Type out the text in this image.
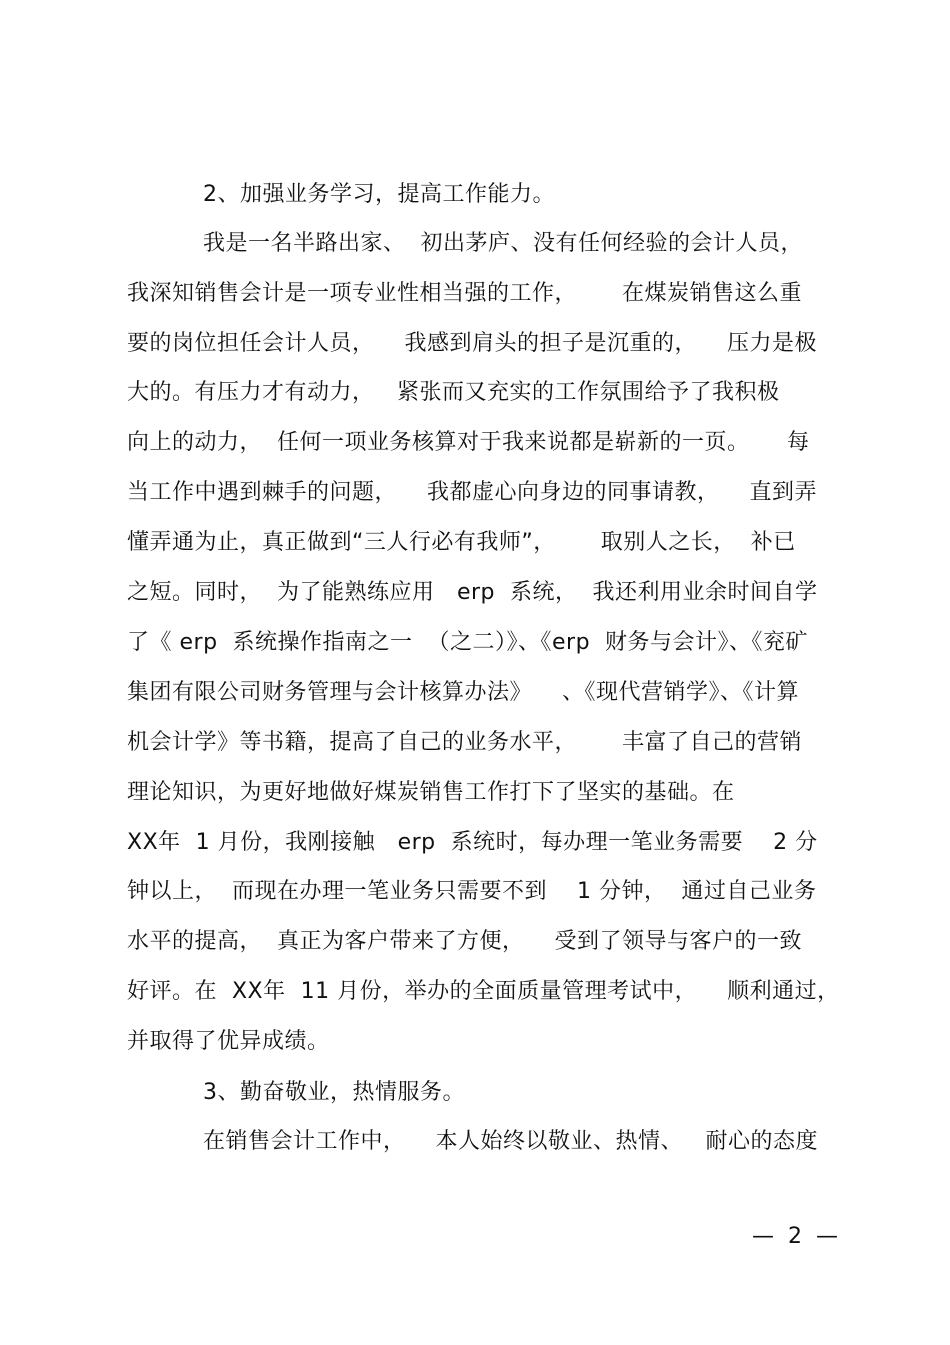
2、加强业务学习，提高工作能力。
我是一名半路出家、  初出茅庐、没有任何经验的会计人员，
我深知销售会计是一项专业性相当强的工作，      在煤炭销售这么重
要的岗位担任会计人员，    我感到肩头的担子是沉重的，    压力是极
大的。有压力才有动力，   紧张而又充实的工作氛围给予了我积极
向上的动力，  任何一项业务核算对于我来说都是崭新的一页。     每
当工作中遇到棘手的问题，    我都虚心向身边的同事请教，    直到弄
懂弄通为止，真正做到“三人行必有我师”，      取别人之长，  补已
之短。同时，  为了能熟练应用   erp  系统，  我还利用业余时间自学
了《 erp  系统操作指南之一  （之二）》、《erp  财务与会计》、《兖矿
集团有限公司财务管理与会计核算办法》    、《现代营销学》、《计算
机会计学》等书籍，提高了自己的业务水平，      丰富了自己的营销
理论知识，为更好地做好煤炭销售工作打下了坚实的基础。在
XX年  1 月份，我刚接触   erp  系统时，每办理一笔业务需要    2 分
钟以上，  而现在办理一笔业务只需要不到    1 分钟，  通过自己业务
水平的提高，  真正为客户带来了方便，    受到了领导与客户的一致
好评。在  XX年  11 月份，举办的全面质量管理考试中，    顺利通过，
并取得了优异成绩。
3、勤奋敬业，热情服务。
在销售会计工作中，    本人始终以敬业、热情、   耐心的态度
—  2  —
